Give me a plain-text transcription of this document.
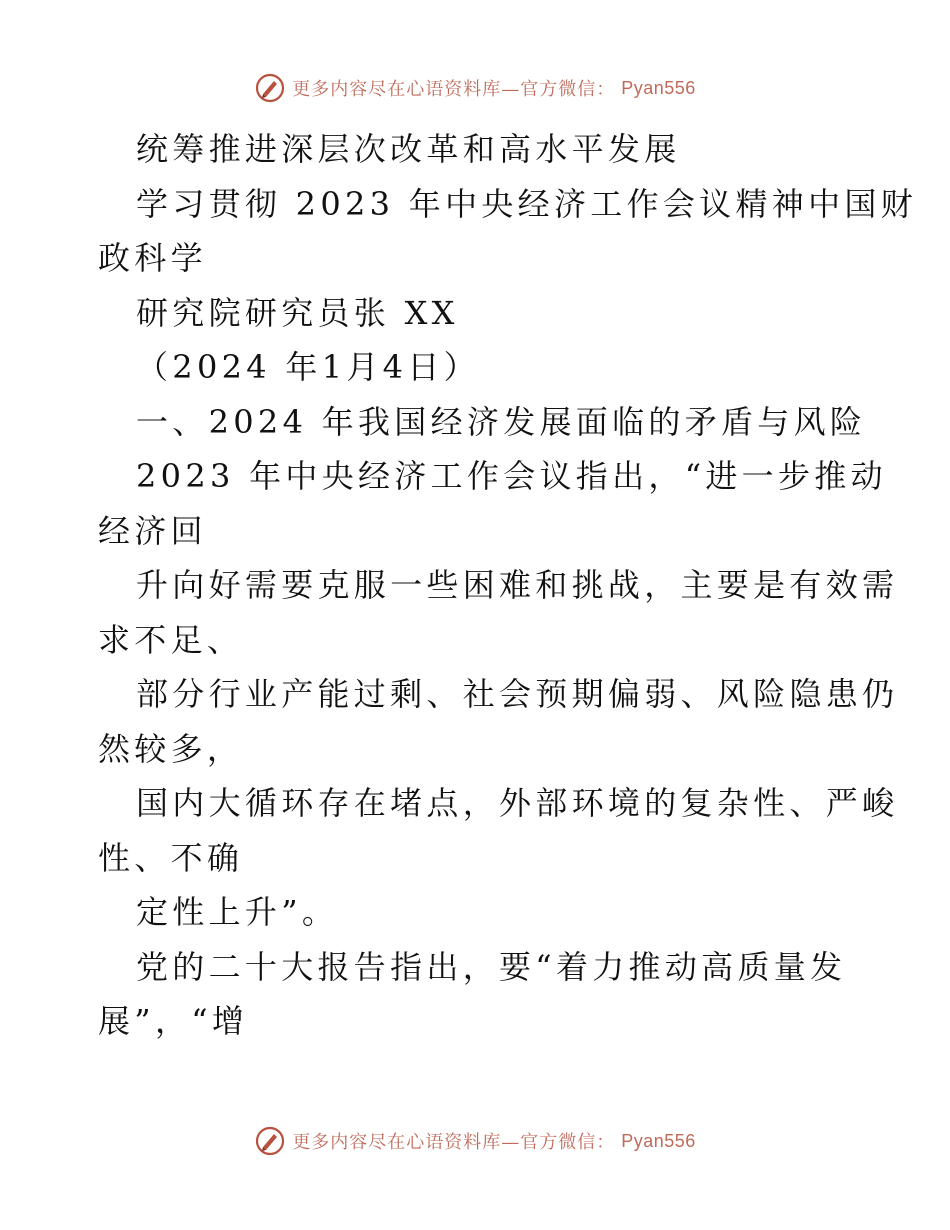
更多内容尽在心语资料库—官方微信： Pyan556
统筹推进深层次改革和高水平发展
学习贯彻 2023 年中央经济工作会议精神中国财
政科学
研究院研究员张 XX
（2024 年1月4日）
一、2024 年我国经济发展面临的矛盾与风险
2023 年中央经济工作会议指出，“进一步推动
经济回
升向好需要克服一些困难和挑战，主要是有效需
求不足、
部分行业产能过剩、社会预期偏弱、风险隐患仍
然较多，
国内大循环存在堵点，外部环境的复杂性、严峻
性、不确
定性上升”。
党的二十大报告指出，要“着力推动高质量发
展”，“增
更多内容尽在心语资料库—官方微信： Pyan556
